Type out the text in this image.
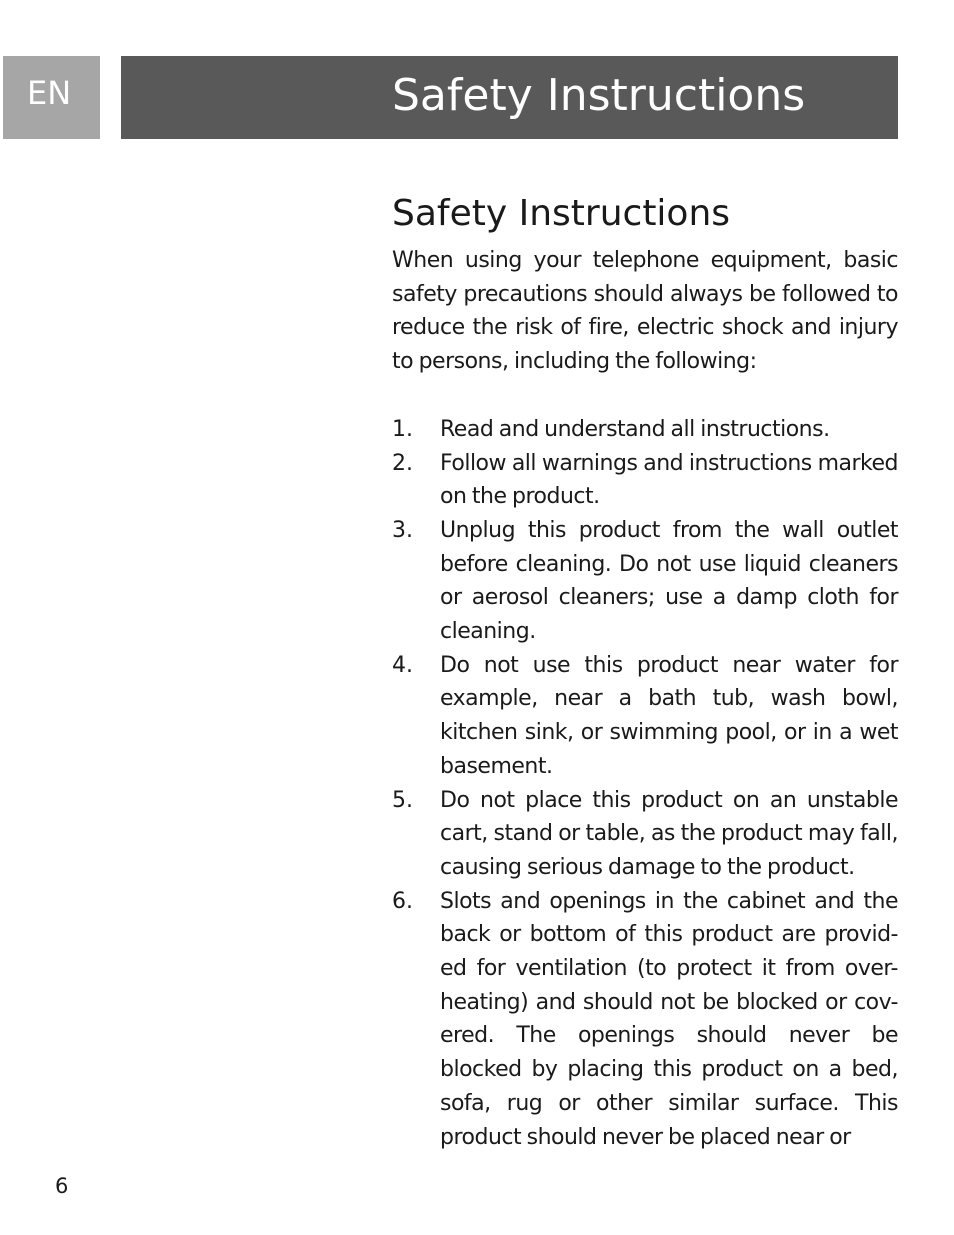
EN	Safety Instructions
Safety Instructions

When using your telephone equipment, basic safety precautions should always be followed to reduce the risk of fire, electric shock and injury to persons, including the following:

1.	Read and understand all instructions.
2.	Follow all warnings and instructions marked on the product.
3.	Unplug this product from the wall outlet before cleaning. Do not use liquid cleaners or aerosol cleaners; use a damp cloth for cleaning.
4.	Do not use this product near water for example, near a bath tub, wash bowl, kitchen sink, or swimming pool, or in a wet basement.
5.	Do not place this product on an unstable cart, stand or table, as the product may fall, causing serious damage to the product.
6.	Slots and openings in the cabinet and the back or bottom of this product are provid-ed for ventilation (to protect it from over-heating) and should not be blocked or cov-ered. The openings should never be blocked by placing this product on a bed, sofa, rug or other similar surface. This product should never be placed near or
6
